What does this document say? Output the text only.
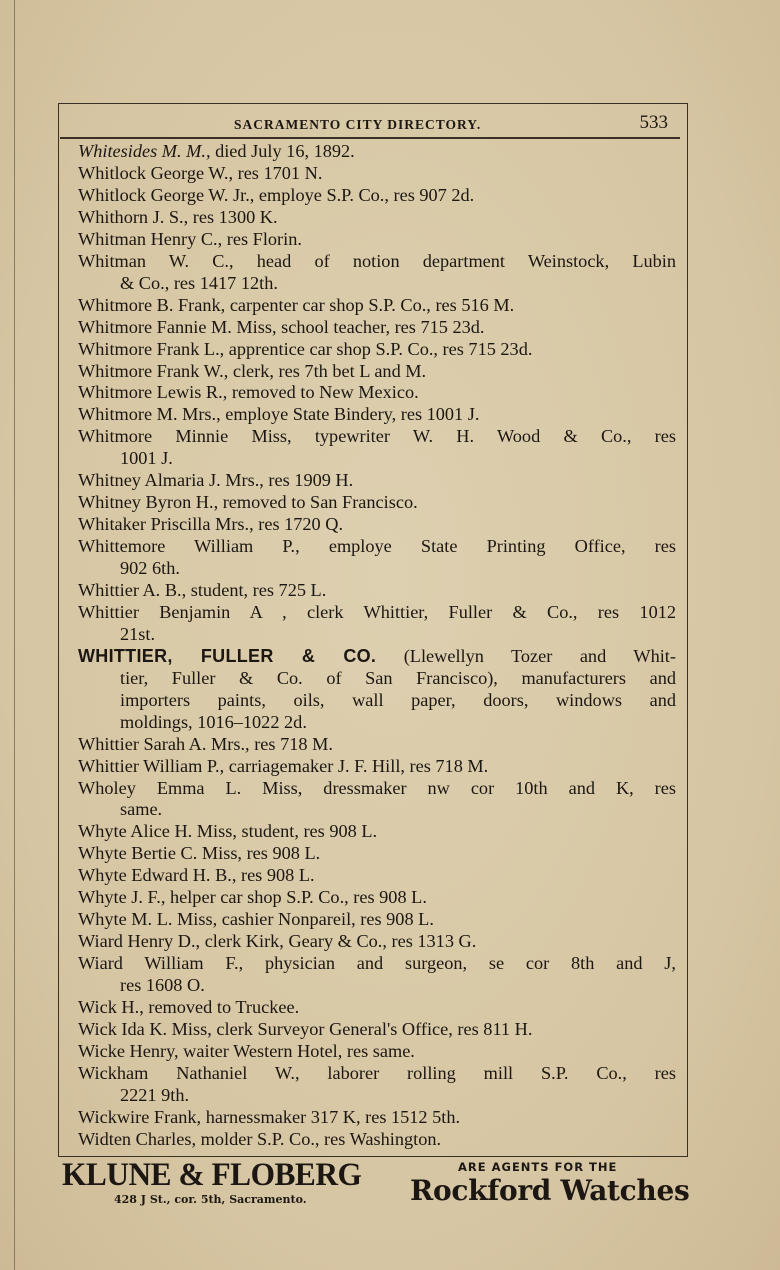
SACRAMENTO CITY DIRECTORY.	533
Whitesides M. M., died July 16, 1892.
Whitlock George W., res 1701 N.
Whitlock George W. Jr., employe S.P. Co., res 907 2d.
Whithorn J. S., res 1300 K.
Whitman Henry C., res Florin.
Whitman W. C., head of notion department Weinstock, Lubin
& Co., res 1417 12th.
Whitmore B. Frank, carpenter car shop S.P. Co., res 516 M.
Whitmore Fannie M. Miss, school teacher, res 715 23d.
Whitmore Frank L., apprentice car shop S.P. Co., res 715 23d.
Whitmore Frank W., clerk, res 7th bet L and M.
Whitmore Lewis R., removed to New Mexico.
Whitmore M. Mrs., employe State Bindery, res 1001 J.
Whitmore Minnie Miss, typewriter W. H. Wood & Co., res
1001 J.
Whitney Almaria J. Mrs., res 1909 H.
Whitney Byron H., removed to San Francisco.
Whitaker Priscilla Mrs., res 1720 Q.
Whittemore William P., employe State Printing Office, res
902 6th.
Whittier A. B., student, res 725 L.
Whittier Benjamin A , clerk Whittier, Fuller & Co., res 1012
21st.
WHITTIER, FULLER & CO. (Llewellyn Tozer and Whit-
tier, Fuller & Co. of San Francisco), manufacturers and
importers paints, oils, wall paper, doors, windows and
moldings, 1016–1022 2d.
Whittier Sarah A. Mrs., res 718 M.
Whittier William P., carriagemaker J. F. Hill, res 718 M.
Wholey Emma L. Miss, dressmaker nw cor 10th and K, res
same.
Whyte Alice H. Miss, student, res 908 L.
Whyte Bertie C. Miss, res 908 L.
Whyte Edward H. B., res 908 L.
Whyte J. F., helper car shop S.P. Co., res 908 L.
Whyte M. L. Miss, cashier Nonpareil, res 908 L.
Wiard Henry D., clerk Kirk, Geary & Co., res 1313 G.
Wiard William F., physician and surgeon, se cor 8th and J,
res 1608 O.
Wick H., removed to Truckee.
Wick Ida K. Miss, clerk Surveyor General's Office, res 811 H.
Wicke Henry, waiter Western Hotel, res same.
Wickham Nathaniel W., laborer rolling mill S.P. Co., res
2221 9th.
Wickwire Frank, harnessmaker 317 K, res 1512 5th.
Widten Charles, molder S.P. Co., res Washington.
KLUNE & FLOBERG
428 J St., cor. 5th, Sacramento.
ARE AGENTS FOR THE
Rockford Watches
